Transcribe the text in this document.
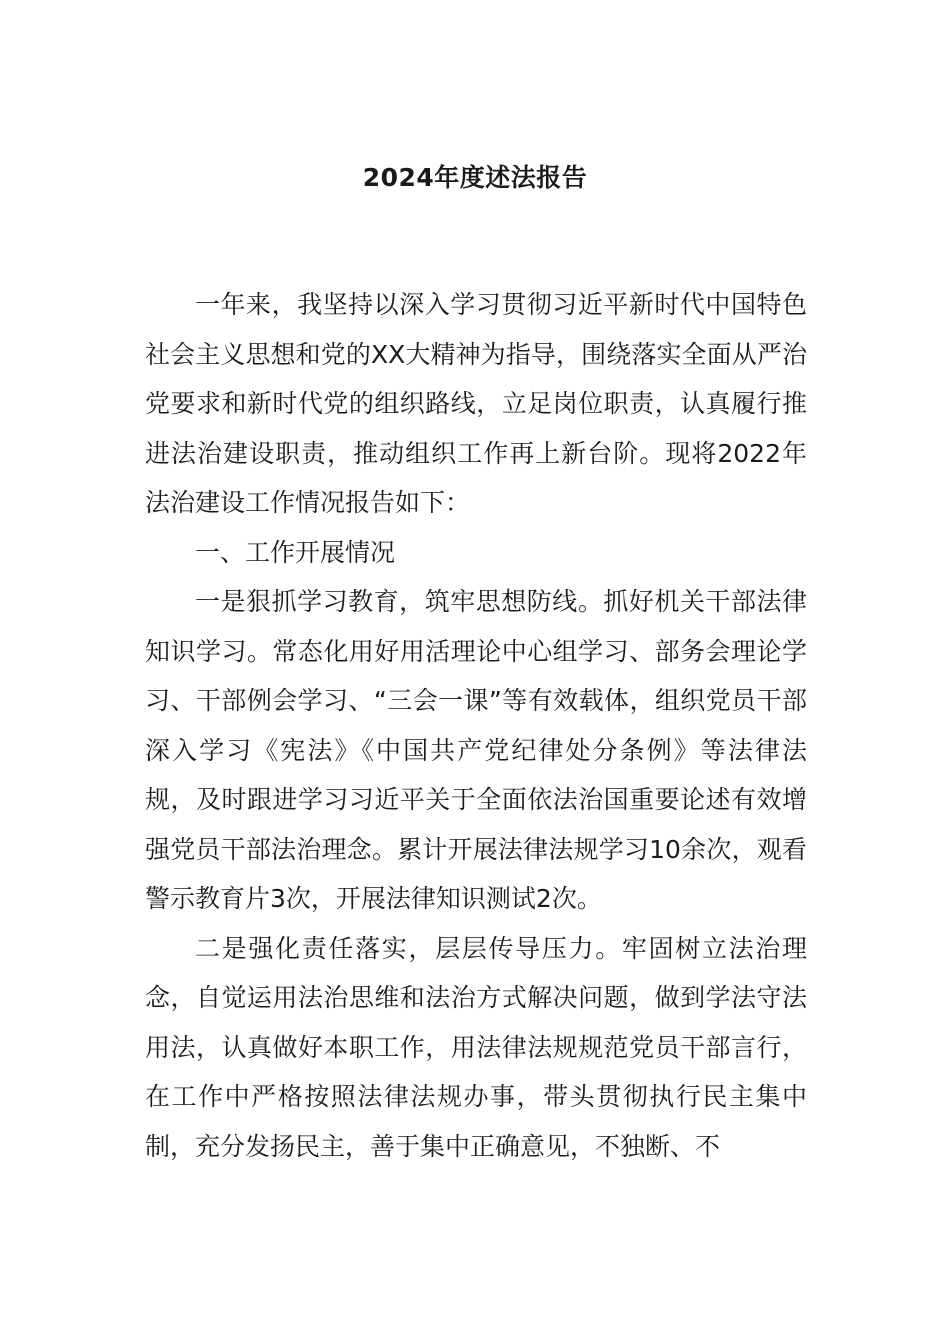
2024年度述法报告

一年来，我坚持以深入学习贯彻习近平新时代中国特色社会主义思想和党的XX大精神为指导，围绕落实全面从严治党要求和新时代党的组织路线，立足岗位职责，认真履行推进法治建设职责，推动组织工作再上新台阶。现将2022年法治建设工作情况报告如下：

一、工作开展情况

一是狠抓学习教育，筑牢思想防线。抓好机关干部法律知识学习。常态化用好用活理论中心组学习、部务会理论学习、干部例会学习、“三会一课”等有效载体，组织党员干部深入学习《宪法》《中国共产党纪律处分条例》等法律法规，及时跟进学习习近平关于全面依法治国重要论述有效增强党员干部法治理念。累计开展法律法规学习10余次，观看警示教育片3次，开展法律知识测试2次。

二是强化责任落实，层层传导压力。牢固树立法治理念，自觉运用法治思维和法治方式解决问题，做到学法守法用法，认真做好本职工作，用法律法规规范党员干部言行，在工作中严格按照法律法规办事，带头贯彻执行民主集中制，充分发扬民主，善于集中正确意见，不独断、不
